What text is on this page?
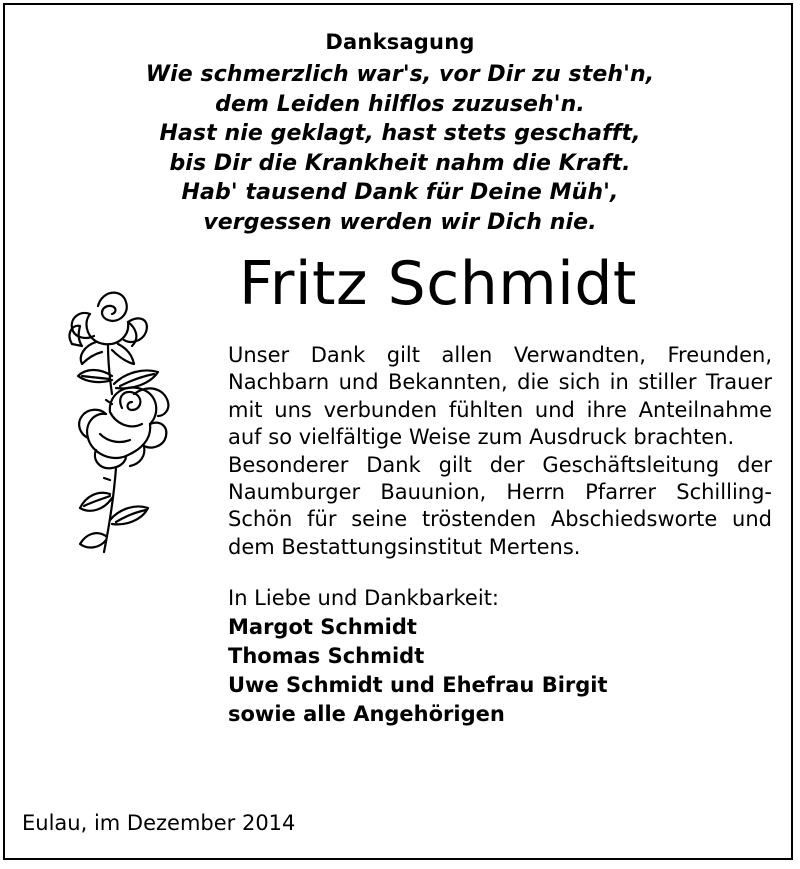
Danksagung
Wie schmerzlich war's, vor Dir zu steh'n,
dem Leiden hilflos zuzuseh'n.
Hast nie geklagt, hast stets geschafft,
bis Dir die Krankheit nahm die Kraft.
Hab' tausend Dank für Deine Müh',
vergessen werden wir Dich nie.
Fritz Schmidt
Unser Dank gilt allen Verwandten, Freunden, Nachbarn und Bekannten, die sich in stiller Trauer mit uns verbunden fühlten und ihre Anteilnahme auf so vielfältige Weise zum Ausdruck brachten.
Besonderer Dank gilt der Geschäftsleitung der Naumburger Bauunion, Herrn Pfarrer Schilling-Schön für seine tröstenden Abschiedsworte und dem Bestattungsinstitut Mertens.
In Liebe und Dankbarkeit:
Margot Schmidt
Thomas Schmidt
Uwe Schmidt und Ehefrau Birgit
sowie alle Angehörigen
Eulau, im Dezember 2014
